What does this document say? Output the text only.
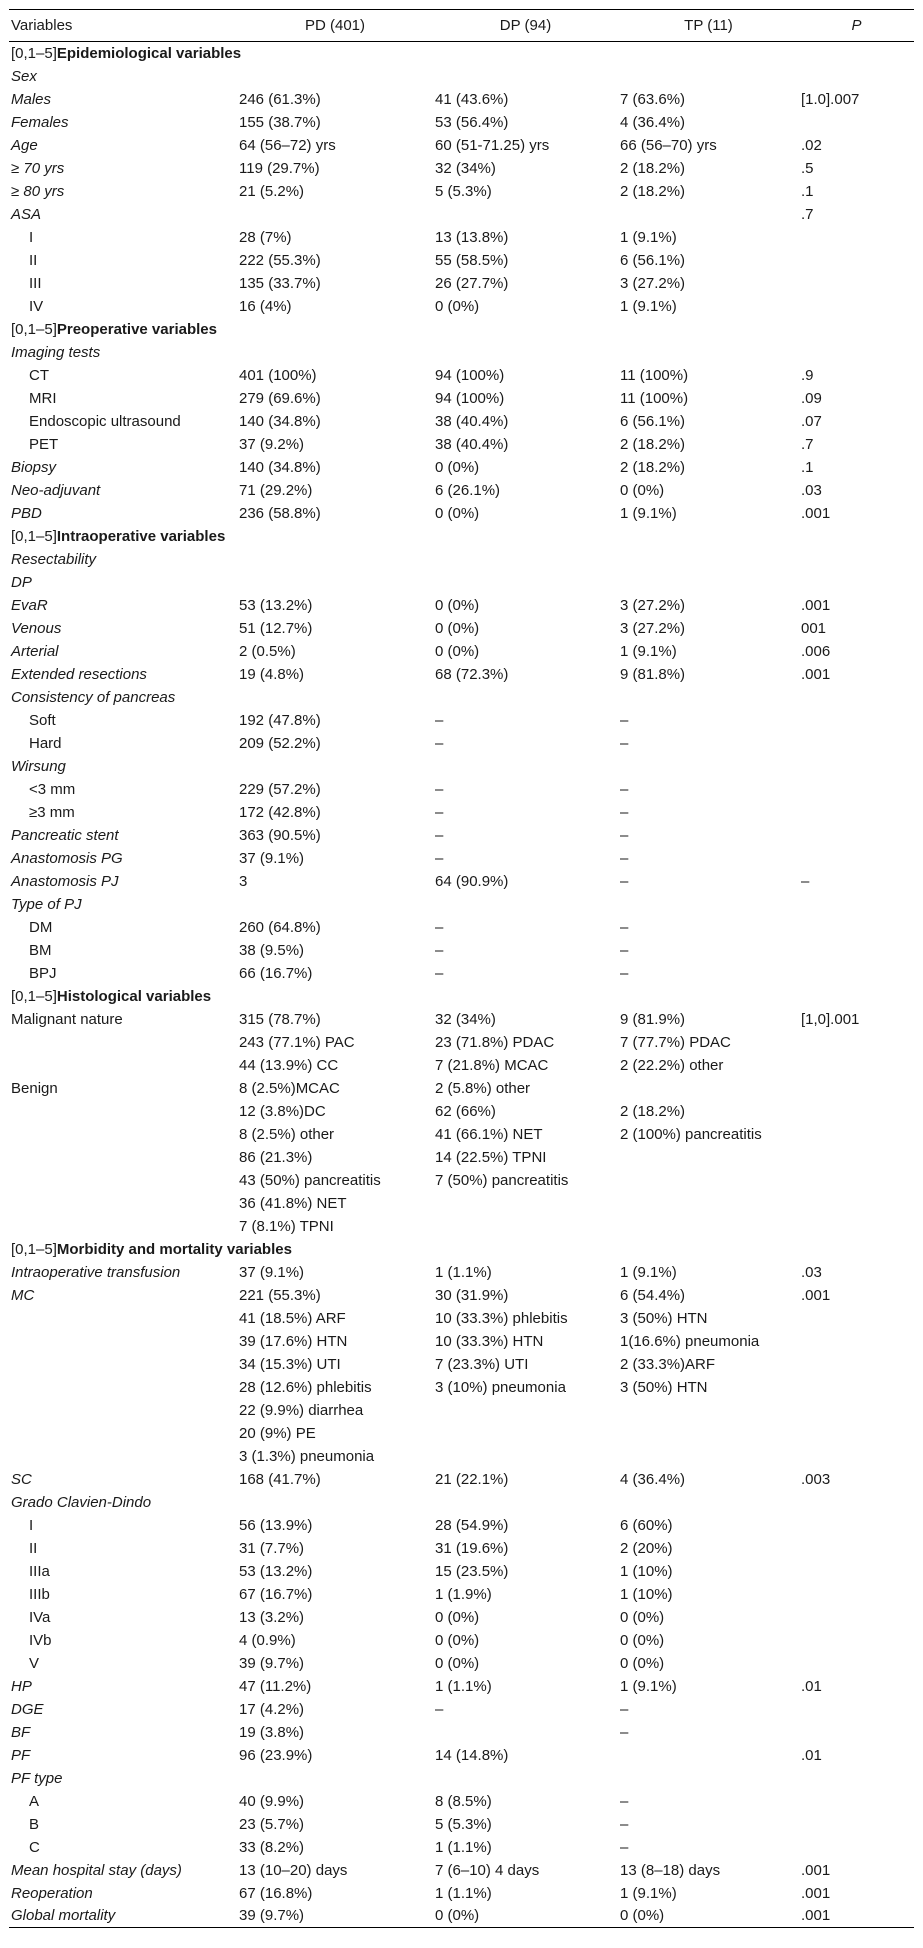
Variables	PD (401)	DP (94)	TP (11)	P
[0,1–5]Epidemiological variables				
Sex				
Males	246 (61.3%)	41 (43.6%)	7 (63.6%)	[1.0].007
Females	155 (38.7%)	53 (56.4%)	4 (36.4%)	
Age	64 (56–72) yrs	60 (51-71.25) yrs	66 (56–70) yrs	.02
≥ 70 yrs	119 (29.7%)	32 (34%)	2 (18.2%)	.5
≥ 80 yrs	21 (5.2%)	5 (5.3%)	2 (18.2%)	.1
ASA				.7
I	28 (7%)	13 (13.8%)	1 (9.1%)	
II	222 (55.3%)	55 (58.5%)	6 (56.1%)	
III	135 (33.7%)	26 (27.7%)	3 (27.2%)	
IV	16 (4%)	0 (0%)	1 (9.1%)	
[0,1–5]Preoperative variables				
Imaging tests				
CT	401 (100%)	94 (100%)	11 (100%)	.9
MRI	279 (69.6%)	94 (100%)	11 (100%)	.09
Endoscopic ultrasound	140 (34.8%)	38 (40.4%)	6 (56.1%)	.07
PET	37 (9.2%)	38 (40.4%)	2 (18.2%)	.7
Biopsy	140 (34.8%)	0 (0%)	2 (18.2%)	.1
Neo-adjuvant	71 (29.2%)	6 (26.1%)	0 (0%)	.03
PBD	236 (58.8%)	0 (0%)	1 (9.1%)	.001
[0,1–5]Intraoperative variables				
Resectability				
DP				
EvaR	53 (13.2%)	0 (0%)	3 (27.2%)	.001
Venous	51 (12.7%)	0 (0%)	3 (27.2%)	001
Arterial	2 (0.5%)	0 (0%)	1 (9.1%)	.006
Extended resections	19 (4.8%)	68 (72.3%)	9 (81.8%)	.001
Consistency of pancreas				
Soft	192 (47.8%)	–	–	
Hard	209 (52.2%)	–	–	
Wirsung				
<3 mm	229 (57.2%)	–	–	
≥3 mm	172 (42.8%)	–	–	
Pancreatic stent	363 (90.5%)	–	–	
Anastomosis PG	37 (9.1%)	–	–	
Anastomosis PJ	3	64 (90.9%)	–	–
Type of PJ				
DM	260 (64.8%)	–	–	
BM	38 (9.5%)	–	–	
BPJ	66 (16.7%)	–	–	
[0,1–5]Histological variables				
Malignant nature	315 (78.7%)	32 (34%)	9 (81.9%)	[1,0].001
	243 (77.1%) PAC	23 (71.8%) PDAC	7 (77.7%) PDAC	
	44 (13.9%) CC	7 (21.8%) MCAC	2 (22.2%) other	
Benign	8 (2.5%)MCAC	2 (5.8%) other		
	12 (3.8%)DC	62 (66%)	2 (18.2%)	
	8 (2.5%) other	41 (66.1%) NET	2 (100%) pancreatitis	
	86 (21.3%)	14 (22.5%) TPNI		
	43 (50%) pancreatitis	7 (50%) pancreatitis		
	36 (41.8%) NET			
	7 (8.1%) TPNI			
[0,1–5]Morbidity and mortality variables				
Intraoperative transfusion	37 (9.1%)	1 (1.1%)	1 (9.1%)	.03
MC	221 (55.3%)	30 (31.9%)	6 (54.4%)	.001
	41 (18.5%) ARF	10 (33.3%) phlebitis	3 (50%) HTN	
	39 (17.6%) HTN	10 (33.3%) HTN	1(16.6%) pneumonia	
	34 (15.3%) UTI	7 (23.3%) UTI	2 (33.3%)ARF	
	28 (12.6%) phlebitis	3 (10%) pneumonia	3 (50%) HTN	
	22 (9.9%) diarrhea			
	20 (9%) PE			
	3 (1.3%) pneumonia			
SC	168 (41.7%)	21 (22.1%)	4 (36.4%)	.003
Grado Clavien-Dindo				
I	56 (13.9%)	28 (54.9%)	6 (60%)	
II	31 (7.7%)	31 (19.6%)	2 (20%)	
IIIa	53 (13.2%)	15 (23.5%)	1 (10%)	
IIIb	67 (16.7%)	1 (1.9%)	1 (10%)	
IVa	13 (3.2%)	0 (0%)	0 (0%)	
IVb	4 (0.9%)	0 (0%)	0 (0%)	
V	39 (9.7%)	0 (0%)	0 (0%)	
HP	47 (11.2%)	1 (1.1%)	1 (9.1%)	.01
DGE	17 (4.2%)	–	–	
BF	19 (3.8%)		–	
PF	96 (23.9%)	14 (14.8%)		.01
PF type				
A	40 (9.9%)	8 (8.5%)	–	
B	23 (5.7%)	5 (5.3%)	–	
C	33 (8.2%)	1 (1.1%)	–	
Mean hospital stay (days)	13 (10–20) days	7 (6–10) 4 days	13 (8–18) days	.001
Reoperation	67 (16.8%)	1 (1.1%)	1 (9.1%)	.001
Global mortality	39 (9.7%)	0 (0%)	0 (0%)	.001
